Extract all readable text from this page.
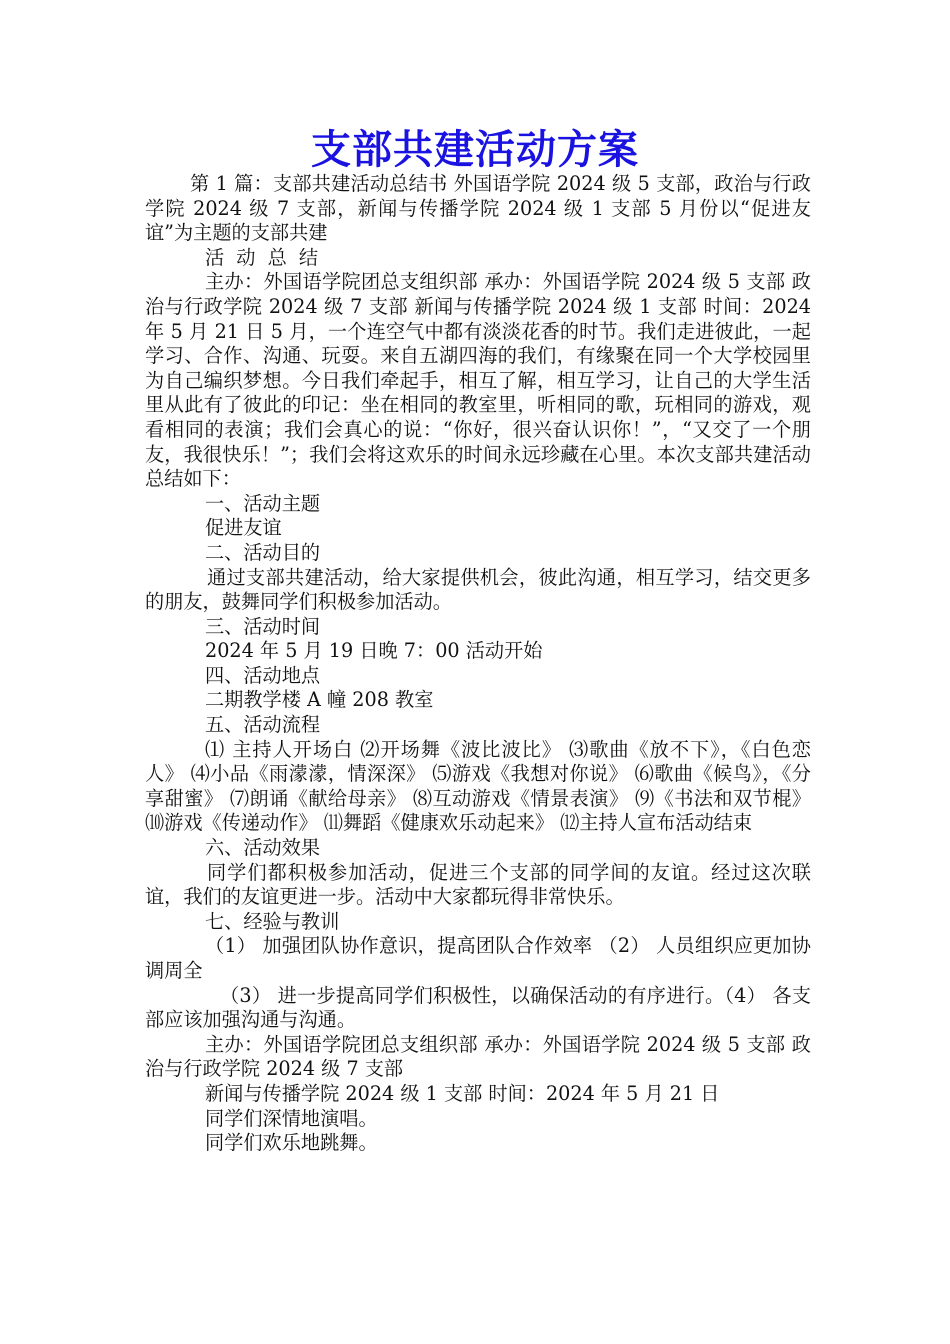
支部共建活动方案

第 1 篇：支部共建活动总结书 外国语学院 2024 级 5 支部，政治与行政学院 2024 级 7 支部，新闻与传播学院 2024 级 1 支部 5 月份以“促进友谊”为主题的支部共建

活 动 总 结

主办：外国语学院团总支组织部 承办：外国语学院 2024 级 5 支部 政治与行政学院 2024 级 7 支部 新闻与传播学院 2024 级 1 支部 时间：2024 年 5 月 21 日 5 月，一个连空气中都有淡淡花香的时节。我们走进彼此，一起学习、合作、沟通、玩耍。来自五湖四海的我们，有缘聚在同一个大学校园里为自己编织梦想。今日我们牵起手，相互了解，相互学习，让自己的大学生活里从此有了彼此的印记：坐在相同的教室里，听相同的歌，玩相同的游戏，观看相同的表演；我们会真心的说：“你好，很兴奋认识你！”，“又交了一个朋友，我很快乐！”；我们会将这欢乐的时间永远珍藏在心里。本次支部共建活动总结如下：

一、活动主题

促进友谊

二、活动目的

通过支部共建活动，给大家提供机会，彼此沟通，相互学习，结交更多的朋友，鼓舞同学们积极参加活动。

三、活动时间

2024 年 5 月 19 日晚 7：00 活动开始

四、活动地点

二期教学楼 A 幢 208 教室

五、活动流程

⑴ 主持人开场白 ⑵开场舞《波比波比》 ⑶歌曲《放不下》，《白色恋人》 ⑷小品《雨濛濛，情深深》 ⑸游戏《我想对你说》 ⑹歌曲《候鸟》，《分享甜蜜》 ⑺朗诵《献给母亲》 ⑻互动游戏《情景表演》 ⑼《书法和双节棍》 ⑽游戏《传递动作》 ⑾舞蹈《健康欢乐动起来》 ⑿主持人宣布活动结束

六、活动效果

同学们都积极参加活动，促进三个支部的同学间的友谊。经过这次联谊，我们的友谊更进一步。活动中大家都玩得非常快乐。

七、经验与教训

（1） 加强团队协作意识，提高团队合作效率 （2） 人员组织应更加协调周全

（3） 进一步提高同学们积极性，以确保活动的有序进行。（4） 各支部应该加强沟通与沟通。

主办：外国语学院团总支组织部 承办：外国语学院 2024 级 5 支部 政治与行政学院 2024 级 7 支部

新闻与传播学院 2024 级 1 支部 时间：2024 年 5 月 21 日

同学们深情地演唱。

同学们欢乐地跳舞。
